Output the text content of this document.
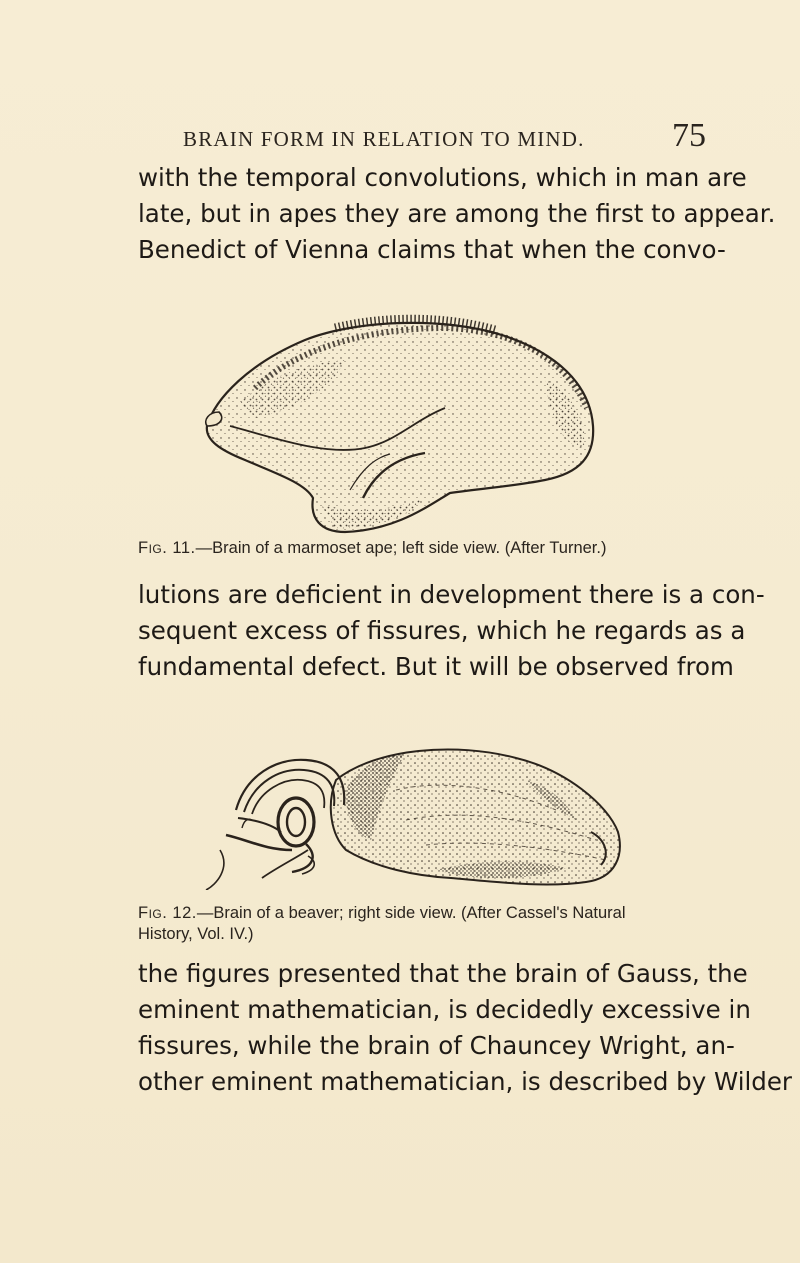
BRAIN FORM IN RELATION TO MIND.	75
with the temporal convolutions, which in man are
late, but in apes they are among the first to appear.
Benedict of Vienna claims that when the convo-
Fig. 11.—Brain of a marmoset ape; left side view. (After Turner.)
lutions are deficient in development there is a con-
sequent excess of fissures, which he regards as a
fundamental defect. But it will be observed from
Fig. 12.—Brain of a beaver; right side view. (After Cassel's Natural
History, Vol. IV.)
the figures presented that the brain of Gauss, the
eminent mathematician, is decidedly excessive in
fissures, while the brain of Chauncey Wright, an-
other eminent mathematician, is described by Wilder
